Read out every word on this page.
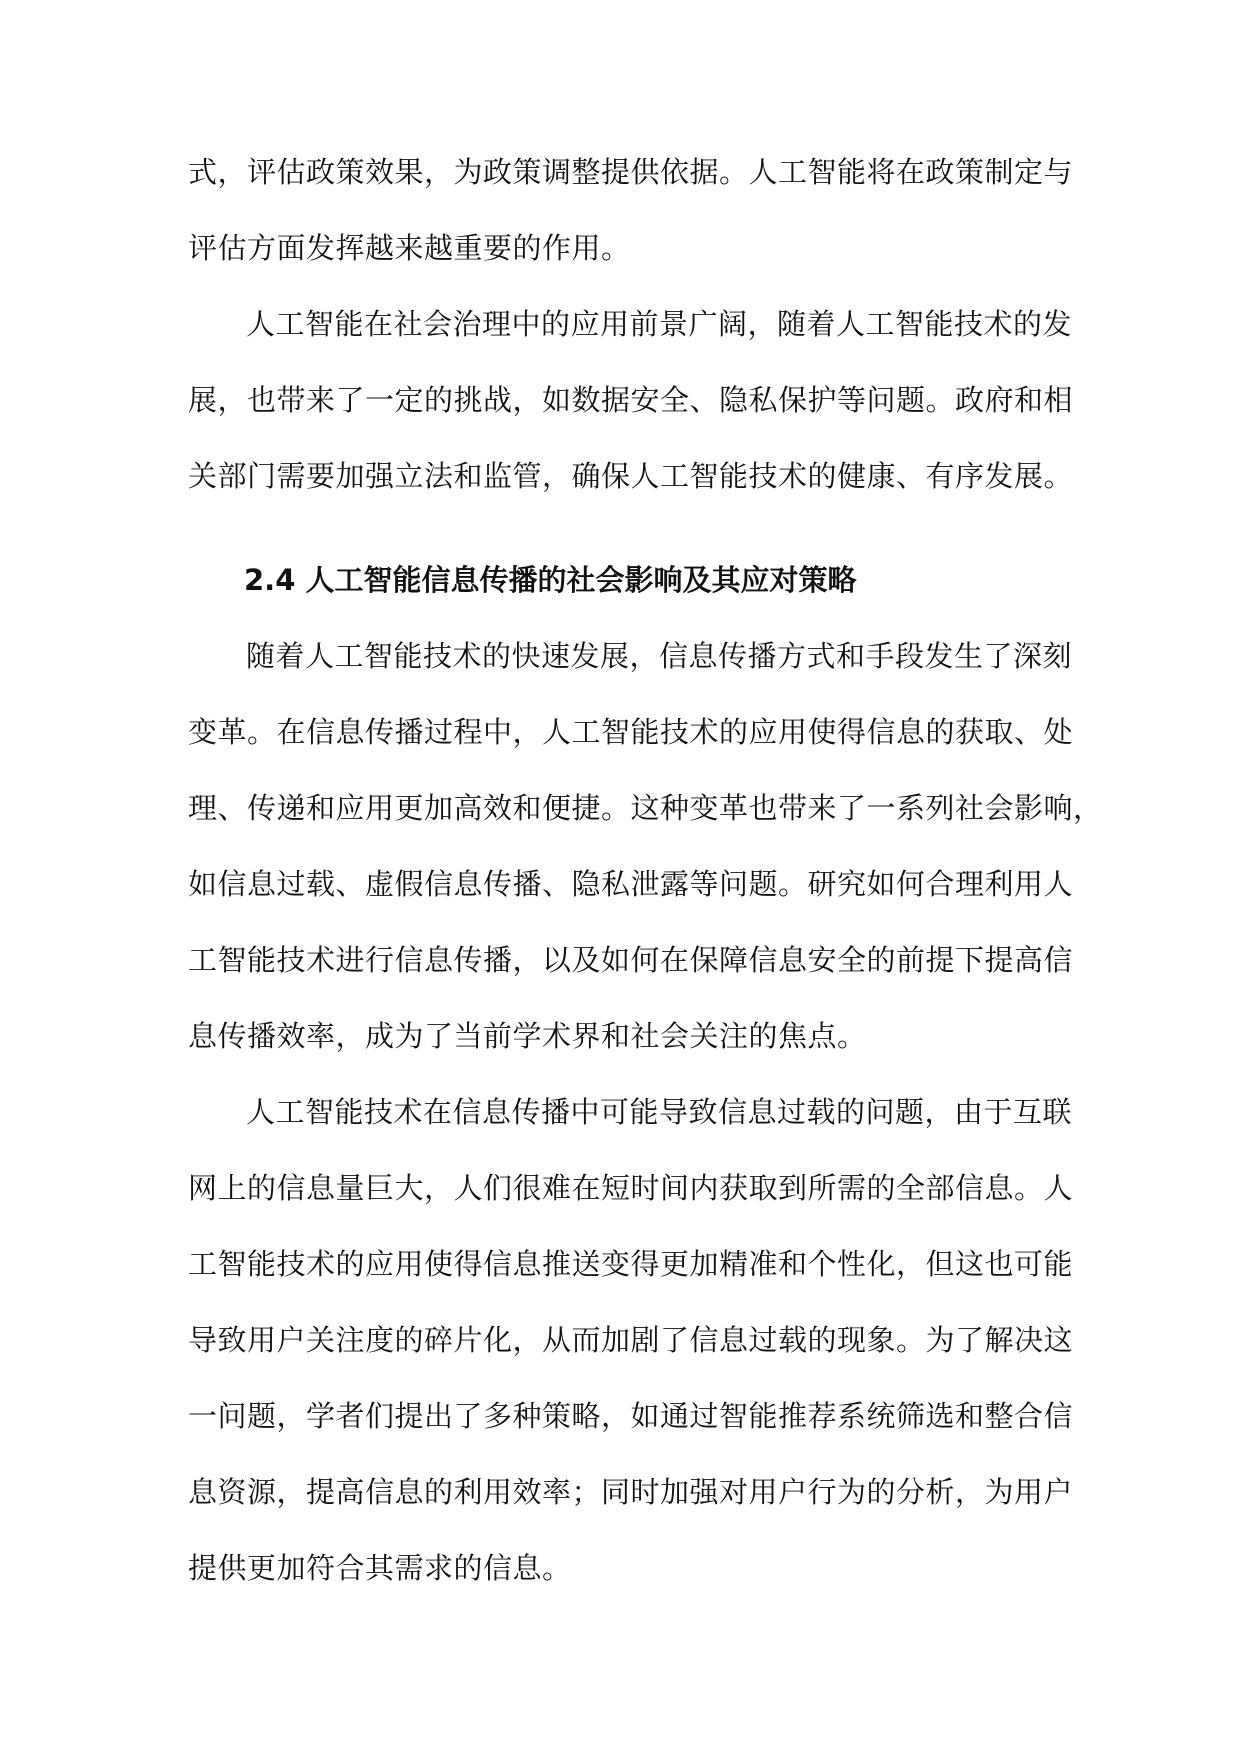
式，评估政策效果，为政策调整提供依据。人工智能将在政策制定与
评估方面发挥越来越重要的作用。
人工智能在社会治理中的应用前景广阔，随着人工智能技术的发
展，也带来了一定的挑战，如数据安全、隐私保护等问题。政府和相
关部门需要加强立法和监管，确保人工智能技术的健康、有序发展。
2.4 人工智能信息传播的社会影响及其应对策略
随着人工智能技术的快速发展，信息传播方式和手段发生了深刻
变革。在信息传播过程中，人工智能技术的应用使得信息的获取、处
理、传递和应用更加高效和便捷。这种变革也带来了一系列社会影响，
如信息过载、虚假信息传播、隐私泄露等问题。研究如何合理利用人
工智能技术进行信息传播，以及如何在保障信息安全的前提下提高信
息传播效率，成为了当前学术界和社会关注的焦点。
人工智能技术在信息传播中可能导致信息过载的问题，由于互联
网上的信息量巨大，人们很难在短时间内获取到所需的全部信息。人
工智能技术的应用使得信息推送变得更加精准和个性化，但这也可能
导致用户关注度的碎片化，从而加剧了信息过载的现象。为了解决这
一问题，学者们提出了多种策略，如通过智能推荐系统筛选和整合信
息资源，提高信息的利用效率；同时加强对用户行为的分析，为用户
提供更加符合其需求的信息。
